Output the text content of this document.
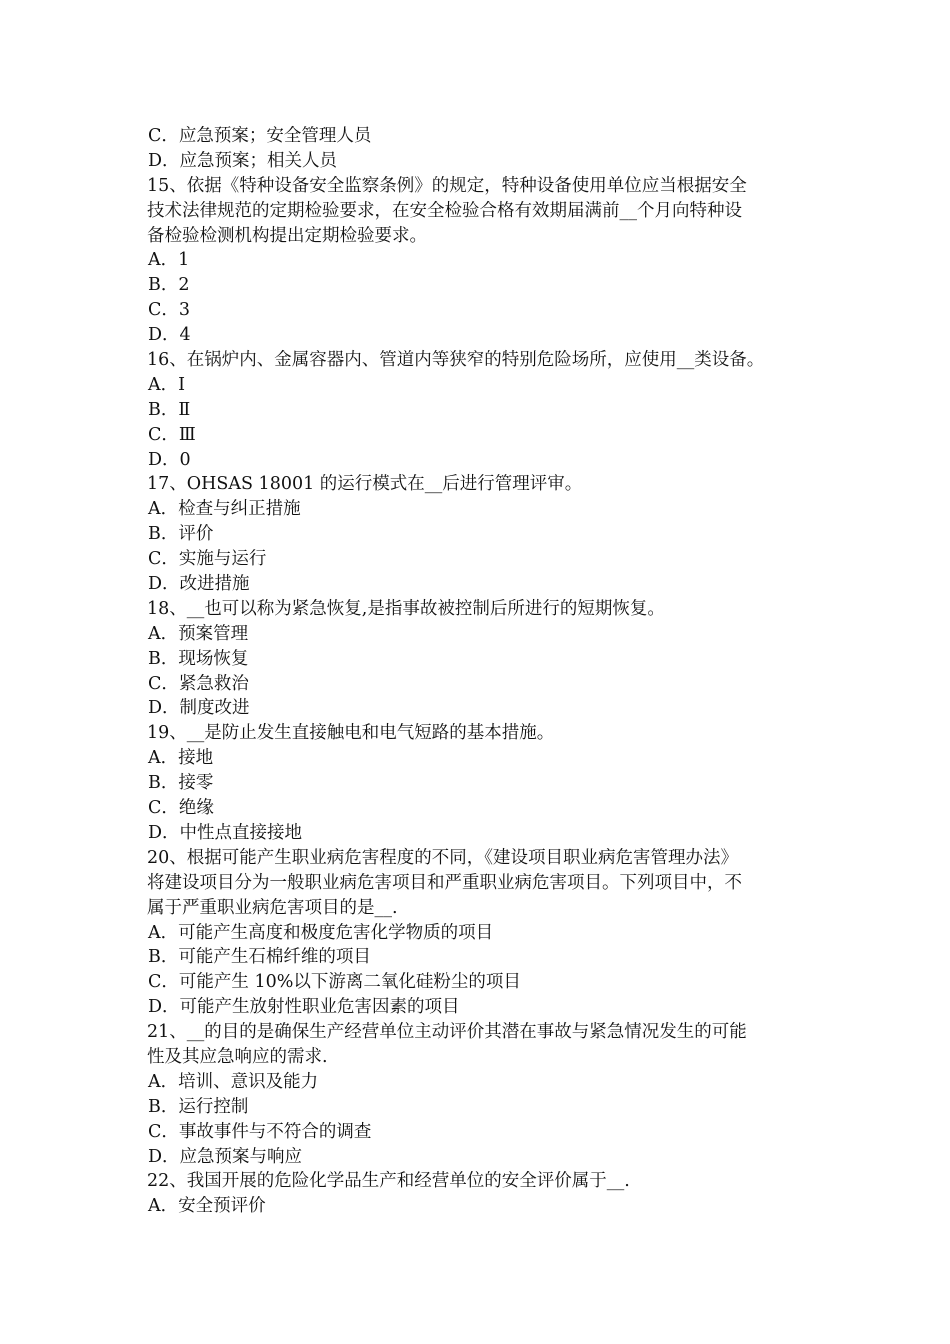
C．应急预案；安全管理人员
D．应急预案；相关人员
15、依据《特种设备安全监察条例》的规定，特种设备使用单位应当根据安全
技术法律规范的定期检验要求，在安全检验合格有效期届满前__个月向特种设
备检验检测机构提出定期检验要求。
A．1
B．2
C．3
D．4
16、在锅炉内、金属容器内、管道内等狭窄的特别危险场所，应使用__类设备。
A．Ⅰ
B．Ⅱ
C．Ⅲ
D．0
17、OHSAS 18001 的运行模式在__后进行管理评审。
A．检查与纠正措施
B．评价
C．实施与运行
D．改进措施
18、__也可以称为紧急恢复,是指事故被控制后所进行的短期恢复。
A．预案管理
B．现场恢复
C．紧急救治
D．制度改进
19、__是防止发生直接触电和电气短路的基本措施。
A．接地
B．接零
C．绝缘
D．中性点直接接地
20、根据可能产生职业病危害程度的不同，《建设项目职业病危害管理办法》
将建设项目分为一般职业病危害项目和严重职业病危害项目。下列项目中，不
属于严重职业病危害项目的是__.
A．可能产生高度和极度危害化学物质的项目
B．可能产生石棉纤维的项目
C．可能产生 10%以下游离二氧化硅粉尘的项目
D．可能产生放射性职业危害因素的项目
21、__的目的是确保生产经营单位主动评价其潜在事故与紧急情况发生的可能
性及其应急响应的需求.
A．培训、意识及能力
B．运行控制
C．事故事件与不符合的调查
D．应急预案与响应
22、我国开展的危险化学品生产和经营单位的安全评价属于__.
A．安全预评价
